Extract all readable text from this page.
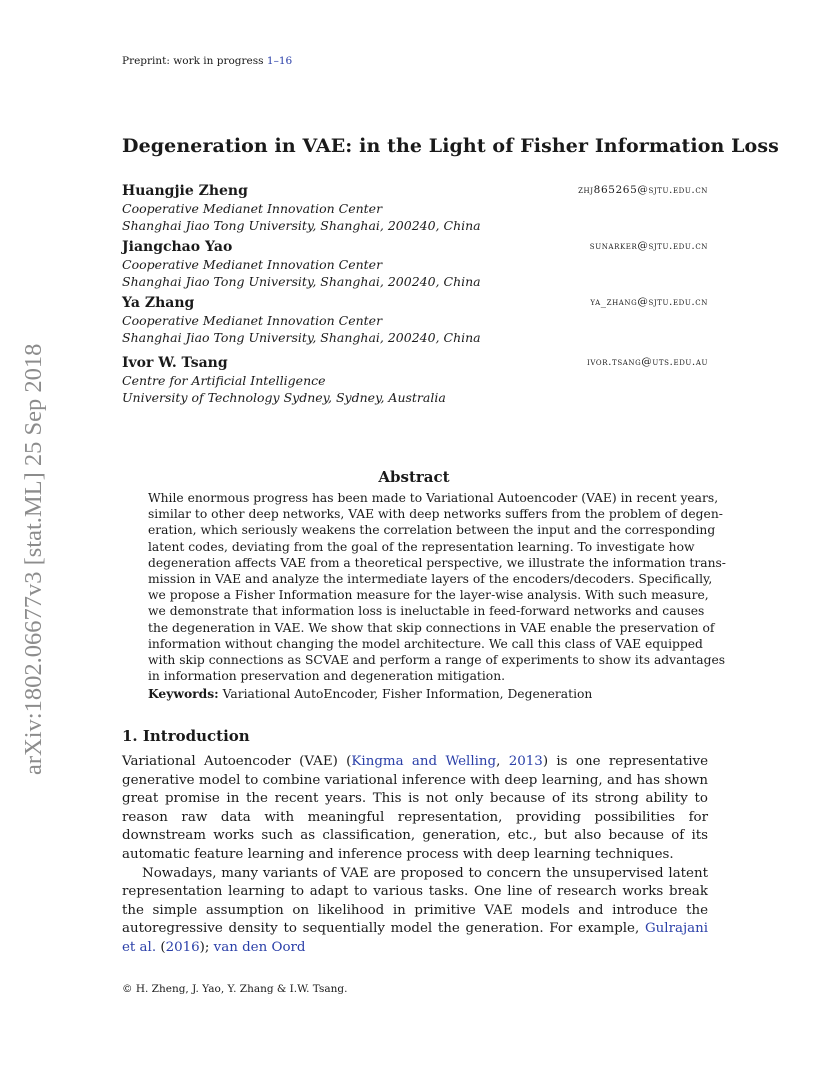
Preprint: work in progress 1–16
Degeneration in VAE: in the Light of Fisher Information Loss
Huangjie Zheng	zhj865265@sjtu.edu.cn
Cooperative Medianet Innovation Center
Shanghai Jiao Tong University, Shanghai, 200240, China
Jiangchao Yao	sunarker@sjtu.edu.cn
Cooperative Medianet Innovation Center
Shanghai Jiao Tong University, Shanghai, 200240, China
Ya Zhang	ya_zhang@sjtu.edu.cn
Cooperative Medianet Innovation Center
Shanghai Jiao Tong University, Shanghai, 200240, China
Ivor W. Tsang	ivor.tsang@uts.edu.au
Centre for Artificial Intelligence
University of Technology Sydney, Sydney, Australia
arXiv:1802.06677v3 [stat.ML] 25 Sep 2018	Abstract
While enormous progress has been made to Variational Autoencoder (VAE) in recent years,
similar to other deep networks, VAE with deep networks suffers from the problem of degen-
eration, which seriously weakens the correlation between the input and the corresponding
latent codes, deviating from the goal of the representation learning. To investigate how
degeneration affects VAE from a theoretical perspective, we illustrate the information trans-
mission in VAE and analyze the intermediate layers of the encoders/decoders. Specifically,
we propose a Fisher Information measure for the layer-wise analysis. With such measure,
we demonstrate that information loss is ineluctable in feed-forward networks and causes
the degeneration in VAE. We show that skip connections in VAE enable the preservation of
information without changing the model architecture. We call this class of VAE equipped
with skip connections as SCVAE and perform a range of experiments to show its advantages
in information preservation and degeneration mitigation.
Keywords: Variational AutoEncoder, Fisher Information, Degeneration
1. Introduction

Variational Autoencoder (VAE) (Kingma and Welling, 2013) is one representative generative model to combine variational inference with deep learning, and has shown great promise in the recent years. This is not only because of its strong ability to reason raw data with meaningful representation, providing possibilities for downstream works such as classification, generation, etc., but also because of its automatic feature learning and inference process with deep learning techniques.

Nowadays, many variants of VAE are proposed to concern the unsupervised latent representation learning to adapt to various tasks. One line of research works break the simple assumption on likelihood in primitive VAE models and introduce the autoregressive density to sequentially model the generation. For example, Gulrajani et al. (2016); van den Oord

© H. Zheng, J. Yao, Y. Zhang & I.W. Tsang.
